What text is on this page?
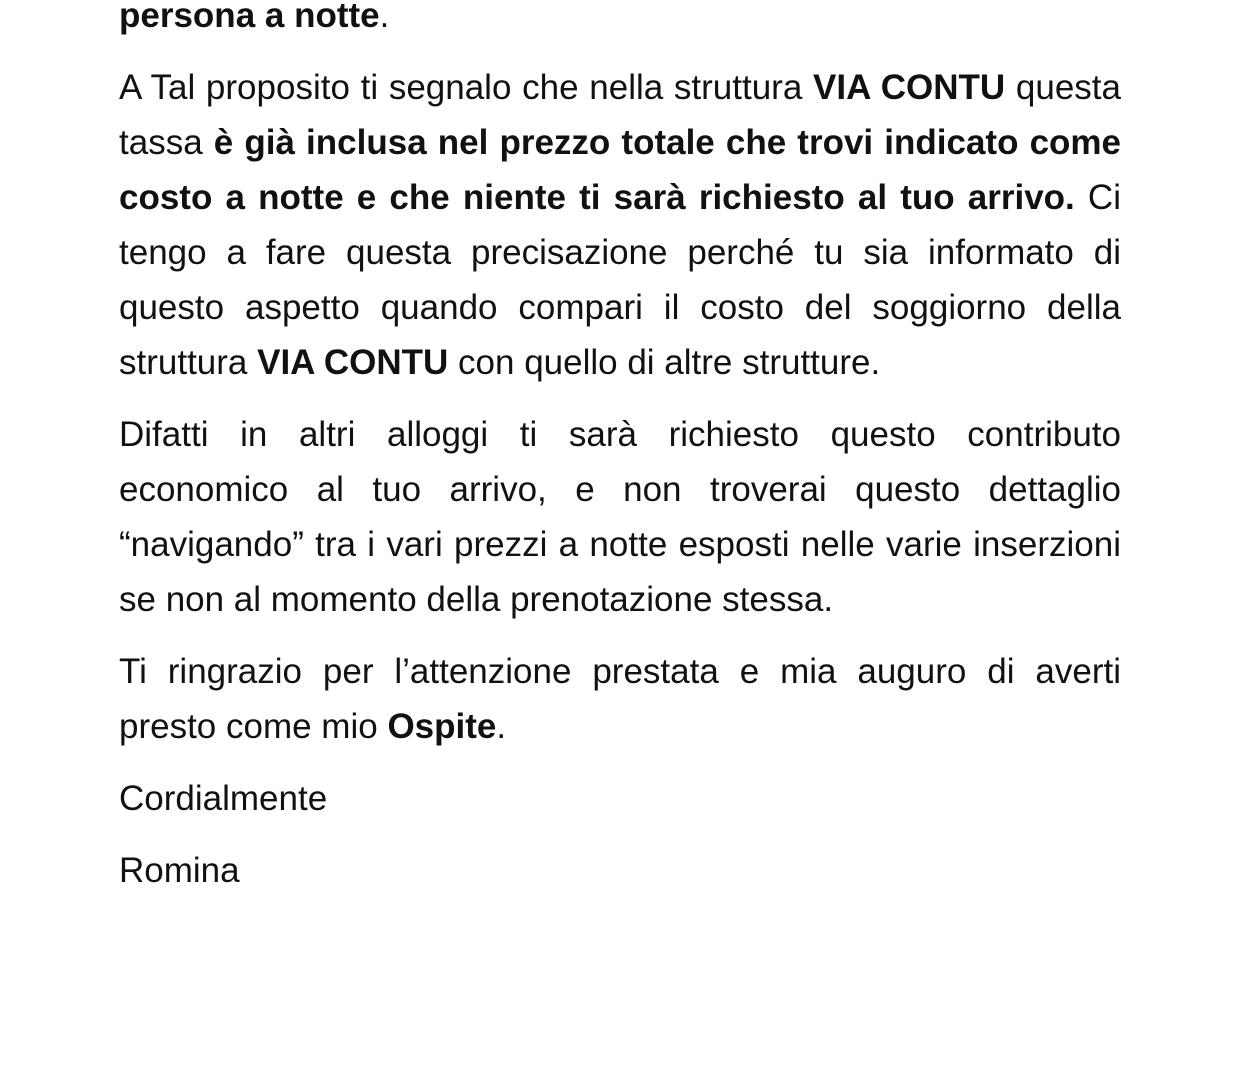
persona a notte.

A Tal proposito ti segnalo che nella struttura VIA CONTU questa tassa è già inclusa nel prezzo totale che trovi indicato come costo a notte e che niente ti sarà richiesto al tuo arrivo. Ci tengo a fare questa precisazione perché tu sia informato di questo aspetto quando compari il costo del soggiorno della struttura VIA CONTU con quello di altre strutture.

Difatti in altri alloggi ti sarà richiesto questo contributo economico al tuo arrivo, e non troverai questo dettaglio “navigando” tra i vari prezzi a notte esposti nelle varie inserzioni se non al momento della prenotazione stessa.

Ti ringrazio per l’attenzione prestata e mia auguro di averti presto come mio Ospite.

Cordialmente

Romina
